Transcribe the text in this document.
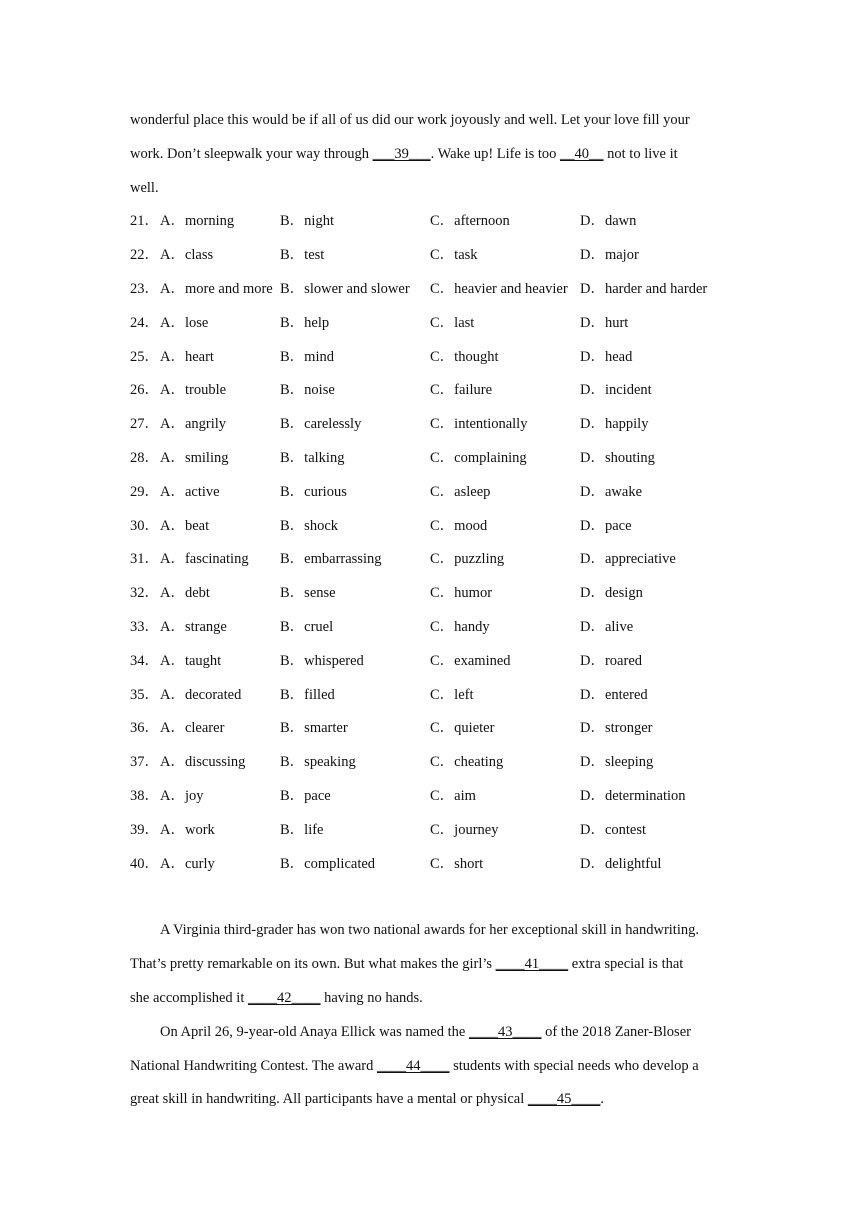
wonderful place this would be if all of us did our work joyously and well. Let your love fill your
work. Don’t sleepwalk your way through ___39___. Wake up! Life is too __40__ not to live it
well.
21． A．morning	B．night	C．afternoon	D．dawn
22． A．class	B．test	C．task	D．major
23． A．more and more B．slower and slower C．heavier and heavier D．harder and harder
24． A．lose	B．help	C．last	D．hurt
25． A．heart	B．mind	C．thought	D．head
26． A．trouble	B．noise	C．failure	D．incident
27． A．angrily	B．carelessly	C．intentionally	D．happily
28． A．smiling	B．talking	C．complaining	D．shouting
29． A．active	B．curious	C．asleep	D．awake
30． A．beat	B．shock	C．mood	D．pace
31． A．fascinating B．embarrassing	C．puzzling	D．appreciative
32． A．debt	B．sense	C．humor	D．design
33． A．strange	B．cruel	C．handy	D．alive
34． A．taught	B．whispered	C．examined	D．roared
35． A．decorated	B．filled	C．left	D．entered
36． A．clearer	B．smarter	C．quieter	D．stronger
37． A．discussing B．speaking	C．cheating	D．sleeping
38． A．joy	B．pace	C．aim	D．determination
39． A．work	B．life	C．journey	D．contest
40． A．curly	B．complicated	C．short	D．delightful
A Virginia third-grader has won two national awards for her exceptional skill in handwriting.
That’s pretty remarkable on its own. But what makes the girl’s ____41____ extra special is that
she accomplished it ____42____ having no hands.
On April 26, 9-year-old Anaya Ellick was named the ____43____ of the 2018 Zaner-Bloser
National Handwriting Contest. The award ____44____ students with special needs who develop a
great skill in handwriting. All participants have a mental or physical ____45____.
